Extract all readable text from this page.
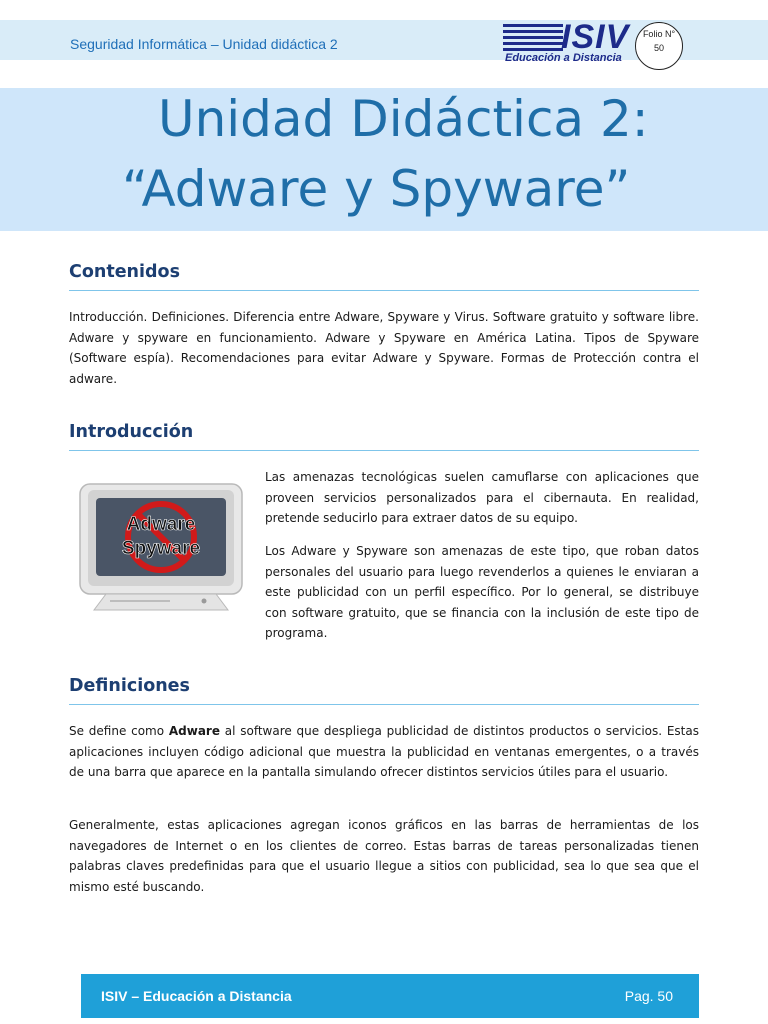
Seguridad Informática – Unidad didáctica 2	ISIV
Educación a Distancia
Folio N°
50
Unidad Didáctica 2:
“Adware y Spyware”
Contenidos

Introducción. Definiciones. Diferencia entre Adware, Spyware y Virus. Software gratuito y software libre. Adware y spyware en funcionamiento. Adware y Spyware en América Latina. Tipos de Spyware (Software espía). Recomendaciones para evitar Adware y Spyware. Formas de Protección contra el adware.

Introducción
Adware
Spyware

Las amenazas tecnológicas suelen camuflarse con aplicaciones que proveen servicios personalizados para el cibernauta. En realidad, pretende seducirlo para extraer datos de su equipo.

Los Adware y Spyware son amenazas de este tipo, que roban datos personales del usuario para luego revenderlos a quienes le enviaran a este publicidad con un perfil específico. Por lo general, se distribuye con software gratuito, que se financia con la inclusión de este tipo de programa.

Definiciones

Se define como Adware al software que despliega publicidad de distintos productos o servicios. Estas aplicaciones incluyen código adicional que muestra la publicidad en ventanas emergentes, o a través de una barra que aparece en la pantalla simulando ofrecer distintos servicios útiles para el usuario.

Generalmente, estas aplicaciones agregan iconos gráficos en las barras de herramientas de los navegadores de Internet o en los clientes de correo. Estas barras de tareas personalizadas tienen palabras claves predefinidas para que el usuario llegue a sitios con publicidad, sea lo que sea que el mismo esté buscando.

ISIV – Educación a Distancia	Pag. 50
